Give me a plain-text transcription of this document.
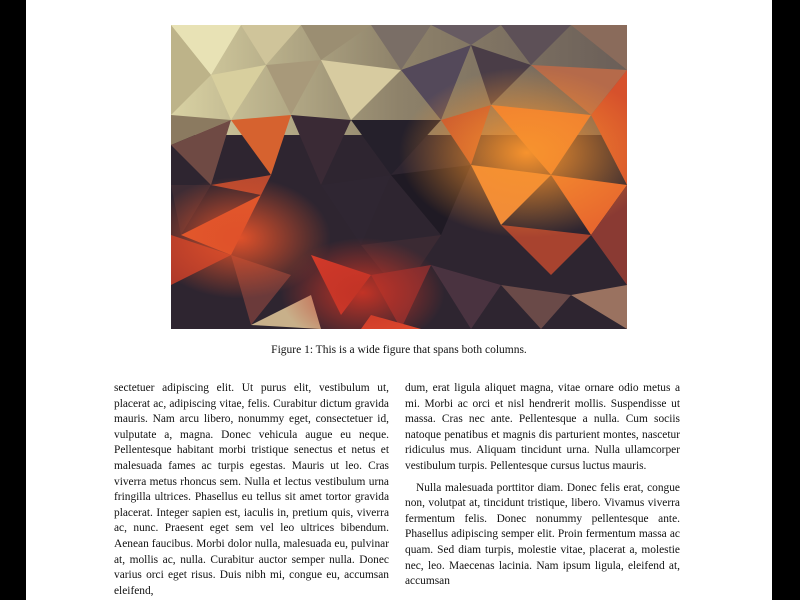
Figure 1: This is a wide figure that spans both columns.

sectetuer adipiscing elit. Ut purus elit, vestibulum ut, placerat ac, adipiscing vitae, felis. Curabitur dictum gravida mauris. Nam arcu libero, nonummy eget, consectetuer id, vulputate a, magna. Donec vehicula augue eu neque. Pellentesque habitant morbi tristique senectus et netus et malesuada fames ac turpis egestas. Mauris ut leo. Cras viverra metus rhoncus sem. Nulla et lectus vestibulum urna fringilla ultrices. Phasellus eu tellus sit amet tortor gravida placerat. Integer sapien est, iaculis in, pretium quis, viverra ac, nunc. Praesent eget sem vel leo ultrices bibendum. Aenean faucibus. Morbi dolor nulla, malesuada eu, pulvinar at, mollis ac, nulla. Curabitur auctor semper nulla. Donec varius orci eget risus. Duis nibh mi, congue eu, accumsan eleifend,

dum, erat ligula aliquet magna, vitae ornare odio metus a mi. Morbi ac orci et nisl hendrerit mollis. Suspendisse ut massa. Cras nec ante. Pellentesque a nulla. Cum sociis natoque penatibus et magnis dis parturient montes, nascetur ridiculus mus. Aliquam tincidunt urna. Nulla ullamcorper vestibulum turpis. Pellentesque cursus luctus mauris.

Nulla malesuada porttitor diam. Donec felis erat, congue non, volutpat at, tincidunt tristique, libero. Vivamus viverra fermentum felis. Donec nonummy pellentesque ante. Phasellus adipiscing semper elit. Proin fermentum massa ac quam. Sed diam turpis, molestie vitae, placerat a, molestie nec, leo. Maecenas lacinia. Nam ipsum ligula, eleifend at, accumsan
